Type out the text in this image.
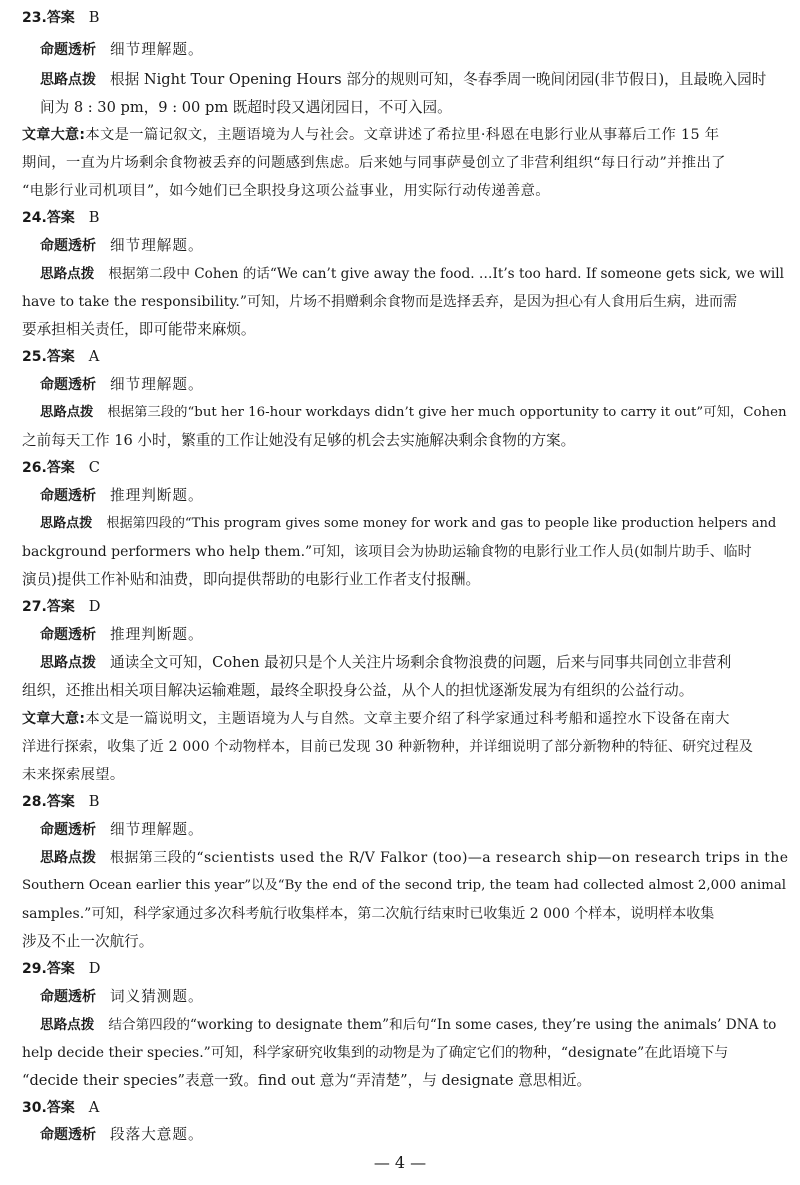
23.答案 B
命题透析 细节理解题。
思路点拨 根据 Night Tour Opening Hours 部分的规则可知，冬春季周一晚间闭园(非节假日)，且最晚入园时
间为 8 : 30 pm，9 : 00 pm 既超时段又遇闭园日，不可入园。
文章大意:本文是一篇记叙文，主题语境为人与社会。文章讲述了希拉里·科恩在电影行业从事幕后工作 15 年
期间，一直为片场剩余食物被丢弃的问题感到焦虑。后来她与同事萨曼创立了非营利组织“每日行动”并推出了
“电影行业司机项目”，如今她们已全职投身这项公益事业，用实际行动传递善意。
24.答案 B
命题透析 细节理解题。
思路点拨 根据第二段中 Cohen 的话“We can’t give away the food. …It’s too hard. If someone gets sick, we will
have to take the responsibility.”可知，片场不捐赠剩余食物而是选择丢弃，是因为担心有人食用后生病，进而需
要承担相关责任，即可能带来麻烦。
25.答案 A
命题透析 细节理解题。
思路点拨 根据第三段的“but her 16-hour workdays didn’t give her much opportunity to carry it out”可知，Cohen
之前每天工作 16 小时，繁重的工作让她没有足够的机会去实施解决剩余食物的方案。
26.答案 C
命题透析 推理判断题。
思路点拨 根据第四段的“This program gives some money for work and gas to people like production helpers and
background performers who help them.”可知，该项目会为协助运输食物的电影行业工作人员(如制片助手、临时
演员)提供工作补贴和油费，即向提供帮助的电影行业工作者支付报酬。
27.答案 D
命题透析 推理判断题。
思路点拨 通读全文可知，Cohen 最初只是个人关注片场剩余食物浪费的问题，后来与同事共同创立非营利
组织，还推出相关项目解决运输难题，最终全职投身公益，从个人的担忧逐渐发展为有组织的公益行动。
文章大意:本文是一篇说明文，主题语境为人与自然。文章主要介绍了科学家通过科考船和遥控水下设备在南大
洋进行探索，收集了近 2 000 个动物样本，目前已发现 30 种新物种，并详细说明了部分新物种的特征、研究过程及
未来探索展望。
28.答案 B
命题透析 细节理解题。
思路点拨 根据第三段的“scientists used the R/V Falkor (too)—a research ship—on research trips in the
Southern Ocean earlier this year”以及“By the end of the second trip, the team had collected almost 2,000 animal
samples.”可知，科学家通过多次科考航行收集样本，第二次航行结束时已收集近 2 000 个样本，说明样本收集
涉及不止一次航行。
29.答案 D
命题透析 词义猜测题。
思路点拨 结合第四段的“working to designate them”和后句“In some cases, they’re using the animals’ DNA to
help decide their species.”可知，科学家研究收集到的动物是为了确定它们的物种，“designate”在此语境下与
“decide their species”表意一致。find out 意为“弄清楚”，与 designate 意思相近。
30.答案 A
命题透析 段落大意题。
— 4 —
